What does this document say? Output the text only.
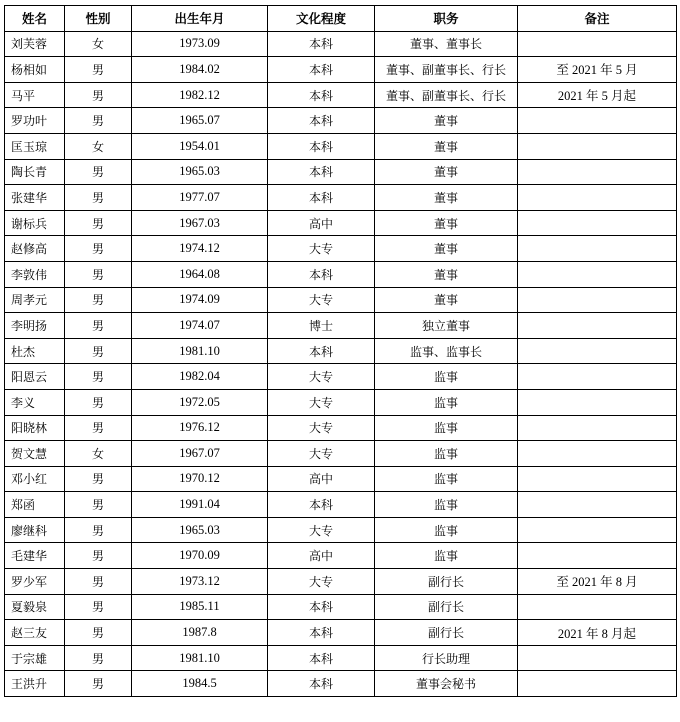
姓名	性别	出生年月	文化程度	职务	备注
刘芙蓉	女	1973.09	本科	董事、董事长	
杨相如	男	1984.02	本科	董事、副董事长、行长	至 2021 年 5 月
马平	男	1982.12	本科	董事、副董事长、行长	2021 年 5 月起
罗功叶	男	1965.07	本科	董事	
匡玉琼	女	1954.01	本科	董事	
陶长青	男	1965.03	本科	董事	
张建华	男	1977.07	本科	董事	
谢标兵	男	1967.03	高中	董事	
赵修高	男	1974.12	大专	董事	
李敦伟	男	1964.08	本科	董事	
周孝元	男	1974.09	大专	董事	
李明扬	男	1974.07	博士	独立董事	
杜杰	男	1981.10	本科	监事、监事长	
阳恩云	男	1982.04	大专	监事	
李义	男	1972.05	大专	监事	
阳晓林	男	1976.12	大专	监事	
贺文慧	女	1967.07	大专	监事	
邓小红	男	1970.12	高中	监事	
郑函	男	1991.04	本科	监事	
廖继科	男	1965.03	大专	监事	
毛建华	男	1970.09	高中	监事	
罗少军	男	1973.12	大专	副行长	至 2021 年 8 月
夏毅泉	男	1985.11	本科	副行长	
赵三友	男	1987.8	本科	副行长	2021 年 8 月起
于宗雄	男	1981.10	本科	行长助理	
王洪升	男	1984.5	本科	董事会秘书	
